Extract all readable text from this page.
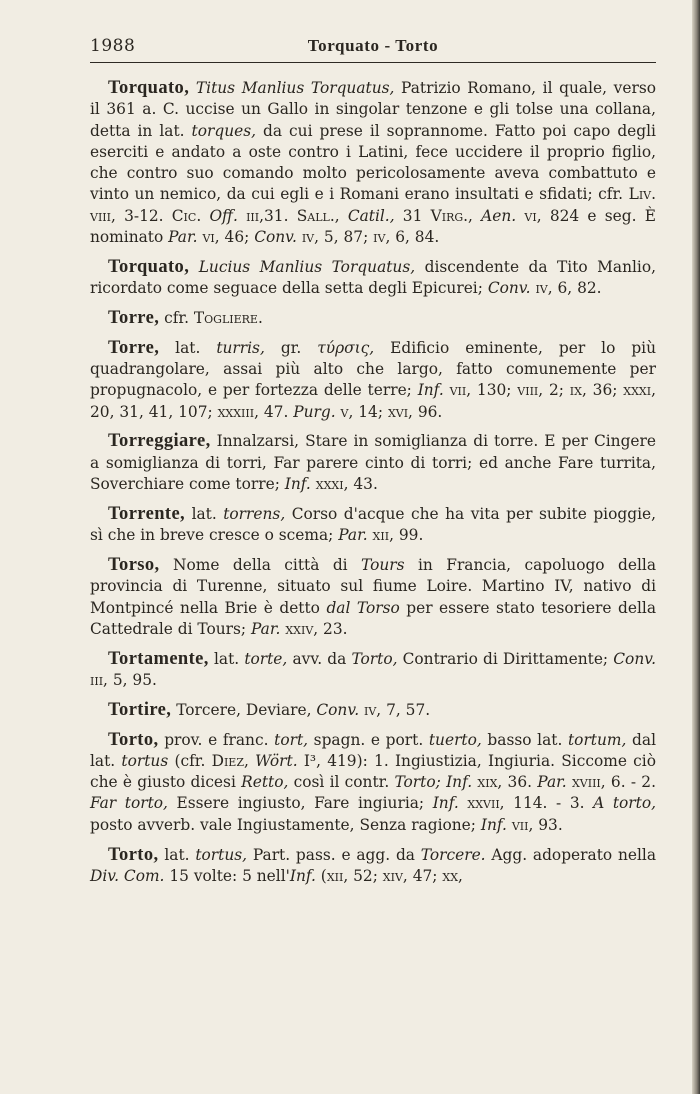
1988	Torquato - Torto

Torquato, Titus Manlius Torquatus, Patrizio Romano, il quale, verso il 361 a. C. uccise un Gallo in singolar tenzone e gli tolse una collana, detta in lat. torques, da cui prese il soprannome. Fatto poi capo degli eserciti e andato a oste contro i Latini, fece uccidere il proprio figlio, che contro suo comando molto pericolosamente aveva combattuto e vinto un nemico, da cui egli e i Romani erano insultati e sfidati; cfr. Liv. viii, 3-12. Cic. Off. iii,31. Sall., Catil., 31 Virg., Aen. vi, 824 e seg. È nominato Par. vi, 46; Conv. iv, 5, 87; iv, 6, 84.

Torquato, Lucius Manlius Torquatus, discendente da Tito Manlio, ricordato come seguace della setta degli Epicurei; Conv. iv, 6, 82.

Torre, cfr. Togliere.

Torre, lat. turris, gr. τύρσις, Edificio eminente, per lo più quadrangolare, assai più alto che largo, fatto comunemente per propugnacolo, e per fortezza delle terre; Inf. vii, 130; viii, 2; ix, 36; xxxi, 20, 31, 41, 107; xxxiii, 47. Purg. v, 14; xvi, 96.

Torreggiare, Innalzarsi, Stare in somiglianza di torre. E per Cingere a somiglianza di torri, Far parere cinto di torri; ed anche Fare turrita, Soverchiare come torre; Inf. xxxi, 43.

Torrente, lat. torrens, Corso d'acque che ha vita per subite pioggie, sì che in breve cresce o scema; Par. xii, 99.

Torso, Nome della città di Tours in Francia, capoluogo della provincia di Turenne, situato sul fiume Loire. Martino IV, nativo di Montpincé nella Brie è detto dal Torso per essere stato tesoriere della Cattedrale di Tours; Par. xxiv, 23.

Tortamente, lat. torte, avv. da Torto, Contrario di Dirittamente; Conv. iii, 5, 95.

Tortire, Torcere, Deviare, Conv. iv, 7, 57.

Torto, prov. e franc. tort, spagn. e port. tuerto, basso lat. tortum, dal lat. tortus (cfr. Diez, Wört. I³, 419): 1. Ingiustizia, Ingiuria. Siccome ciò che è giusto dicesi Retto, così il contr. Torto; Inf. xix, 36. Par. xviii, 6. - 2. Far torto, Essere ingiusto, Fare ingiuria; Inf. xxvii, 114. - 3. A torto, posto avverb. vale Ingiustamente, Senza ragione; Inf. vii, 93.

Torto, lat. tortus, Part. pass. e agg. da Torcere. Agg. adoperato nella Div. Com. 15 volte: 5 nell'Inf. (xii, 52; xiv, 47; xx,
